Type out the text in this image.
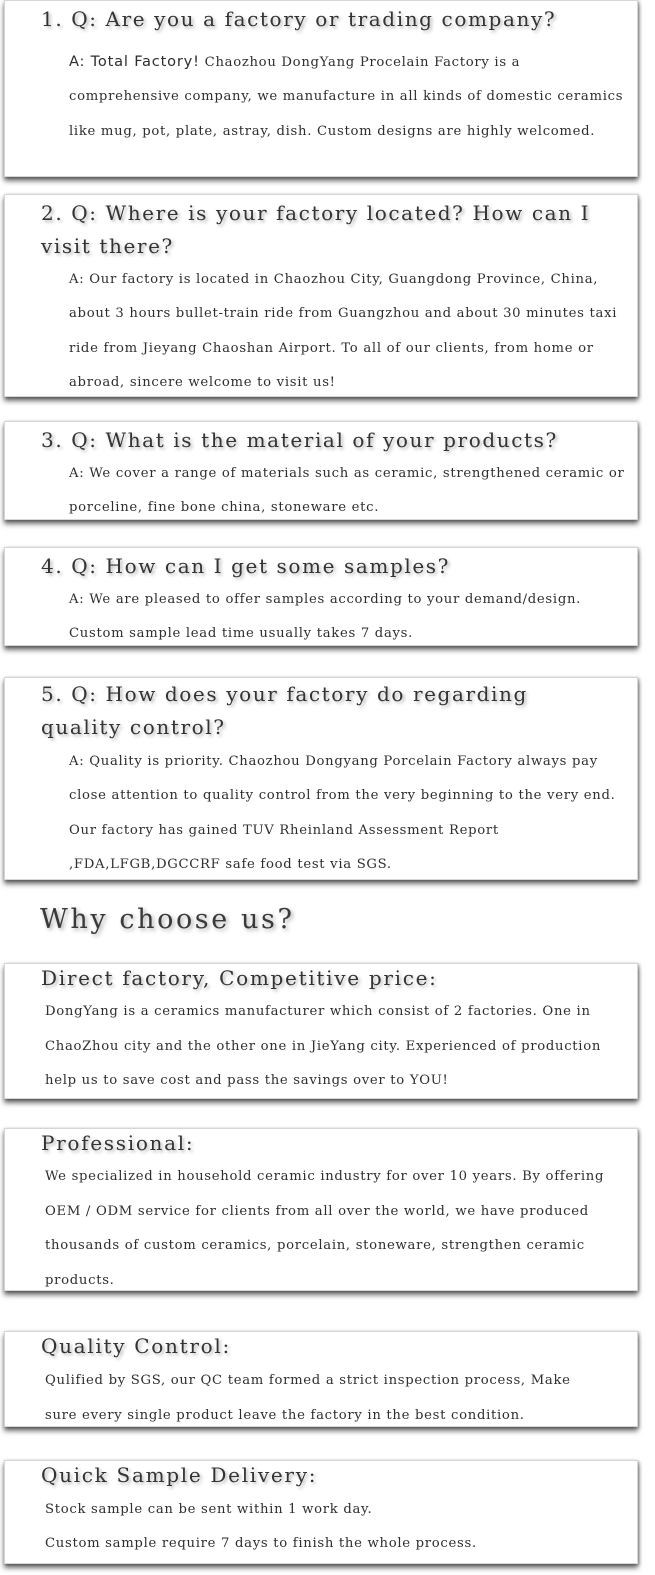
1. Q: Are you a factory or trading company?

A: Total Factory! Chaozhou DongYang Procelain Factory is a comprehensive company, we manufacture in all kinds of domestic ceramics like mug, pot, plate, astray, dish. Custom designs are highly welcomed.

2. Q: Where is your factory located? How can I visit there?

A: Our factory is located in Chaozhou City, Guangdong Province, China, about 3 hours bullet-train ride from Guangzhou and about 30 minutes taxi ride from Jieyang Chaoshan Airport. To all of our clients, from home or abroad, sincere welcome to visit us!

3. Q: What is the material of your products?

A: We cover a range of materials such as ceramic, strengthened ceramic or porceline, fine bone china, stoneware etc.

4. Q: How can I get some samples?

A: We are pleased to offer samples according to your demand/design. Custom sample lead time usually takes 7 days.

5. Q: How does your factory do regarding quality control?

A: Quality is priority. Chaozhou Dongyang Porcelain Factory always pay close attention to quality control from the very beginning to the very end. Our factory has gained TUV Rheinland Assessment Report ,FDA,LFGB,DGCCRF safe food test via SGS.

Why choose us?
Direct factory, Competitive price:

DongYang is a ceramics manufacturer which consist of 2 factories. One in ChaoZhou city and the other one in JieYang city. Experienced of production help us to save cost and pass the savings over to YOU!

Professional:

We specialized in household ceramic industry for over 10 years. By offering OEM / ODM service for clients from all over the world, we have produced thousands of custom ceramics, porcelain, stoneware, strengthen ceramic products.

Quality Control:

Qulified by SGS, our QC team formed a strict inspection process, Make sure every single product leave the factory in the best condition.

Quick Sample Delivery:

Stock sample can be sent within 1 work day.

Custom sample require 7 days to finish the whole process.
